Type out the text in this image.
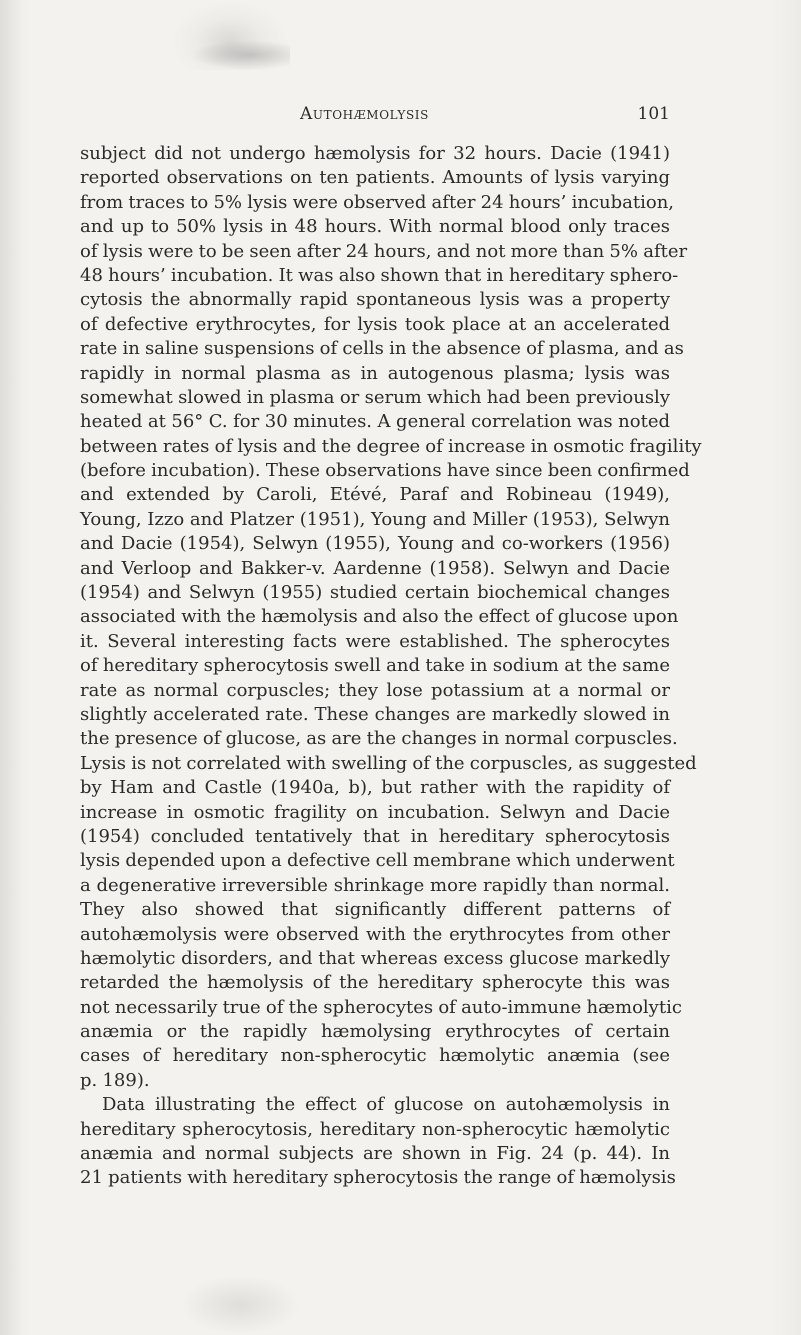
Autohæmolysis	101
subject did not undergo hæmolysis for 32 hours. Dacie (1941)
reported observations on ten patients. Amounts of lysis varying
from traces to 5% lysis were observed after 24 hours’ incubation,
and up to 50% lysis in 48 hours. With normal blood only traces
of lysis were to be seen after 24 hours, and not more than 5% after
48 hours’ incubation. It was also shown that in hereditary sphero-
cytosis the abnormally rapid spontaneous lysis was a property
of defective erythrocytes, for lysis took place at an accelerated
rate in saline suspensions of cells in the absence of plasma, and as
rapidly in normal plasma as in autogenous plasma; lysis was
somewhat slowed in plasma or serum which had been previously
heated at 56° C. for 30 minutes. A general correlation was noted
between rates of lysis and the degree of increase in osmotic fragility
(before incubation). These observations have since been confirmed
and extended by Caroli, Etévé, Paraf and Robineau (1949),
Young, Izzo and Platzer (1951), Young and Miller (1953), Selwyn
and Dacie (1954), Selwyn (1955), Young and co-workers (1956)
and Verloop and Bakker-v. Aardenne (1958). Selwyn and Dacie
(1954) and Selwyn (1955) studied certain biochemical changes
associated with the hæmolysis and also the effect of glucose upon
it. Several interesting facts were established. The spherocytes
of hereditary spherocytosis swell and take in sodium at the same
rate as normal corpuscles; they lose potassium at a normal or
slightly accelerated rate. These changes are markedly slowed in
the presence of glucose, as are the changes in normal corpuscles.
Lysis is not correlated with swelling of the corpuscles, as suggested
by Ham and Castle (1940a, b), but rather with the rapidity of
increase in osmotic fragility on incubation. Selwyn and Dacie
(1954) concluded tentatively that in hereditary spherocytosis
lysis depended upon a defective cell membrane which underwent
a degenerative irreversible shrinkage more rapidly than normal.
They also showed that significantly different patterns of
autohæmolysis were observed with the erythrocytes from other
hæmolytic disorders, and that whereas excess glucose markedly
retarded the hæmolysis of the hereditary spherocyte this was
not necessarily true of the spherocytes of auto-immune hæmolytic
anæmia or the rapidly hæmolysing erythrocytes of certain
cases of hereditary non-spherocytic hæmolytic anæmia (see
p. 189).
Data illustrating the effect of glucose on autohæmolysis in
hereditary spherocytosis, hereditary non-spherocytic hæmolytic
anæmia and normal subjects are shown in Fig. 24 (p. 44). In
21 patients with hereditary spherocytosis the range of hæmolysis
